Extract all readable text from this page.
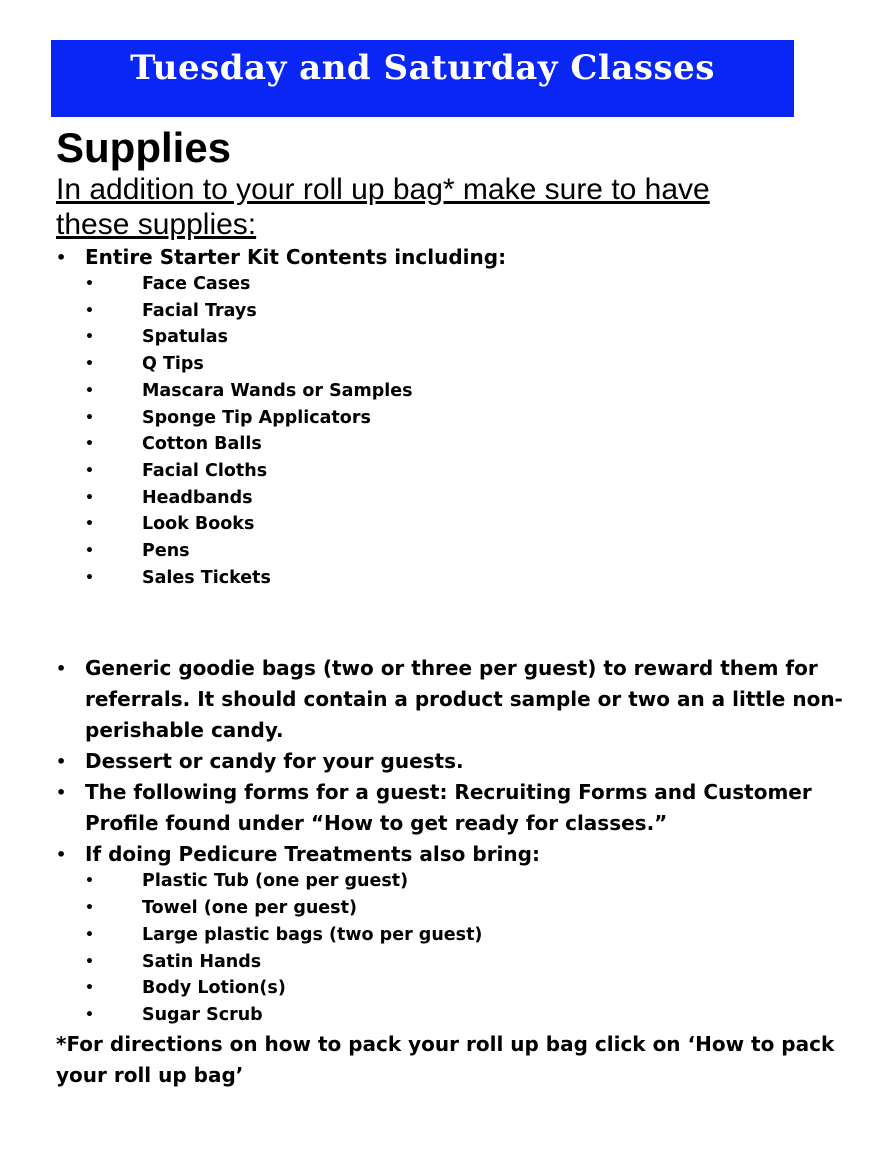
Tuesday and Saturday Classes
Supplies

In addition to your roll up bag* make sure to have these supplies:

• Entire Starter Kit Contents including:
• Face Cases
• Facial Trays
• Spatulas
• Q Tips
• Mascara Wands or Samples
• Sponge Tip Applicators
• Cotton Balls
• Facial Cloths
• Headbands
• Look Books
• Pens
• Sales Tickets
• Generic goodie bags (two or three per guest) to reward them for referrals. It should contain a product sample or two an a little non-perishable candy.
• Dessert or candy for your guests.
• The following forms for a guest: Recruiting Forms and Customer Profile found under “How to get ready for classes.”
• If doing Pedicure Treatments also bring:
• Plastic Tub (one per guest)
• Towel (one per guest)
• Large plastic bags (two per guest)
• Satin Hands
• Body Lotion(s)
• Sugar Scrub

*For directions on how to pack your roll up bag click on ‘How to pack your roll up bag’
